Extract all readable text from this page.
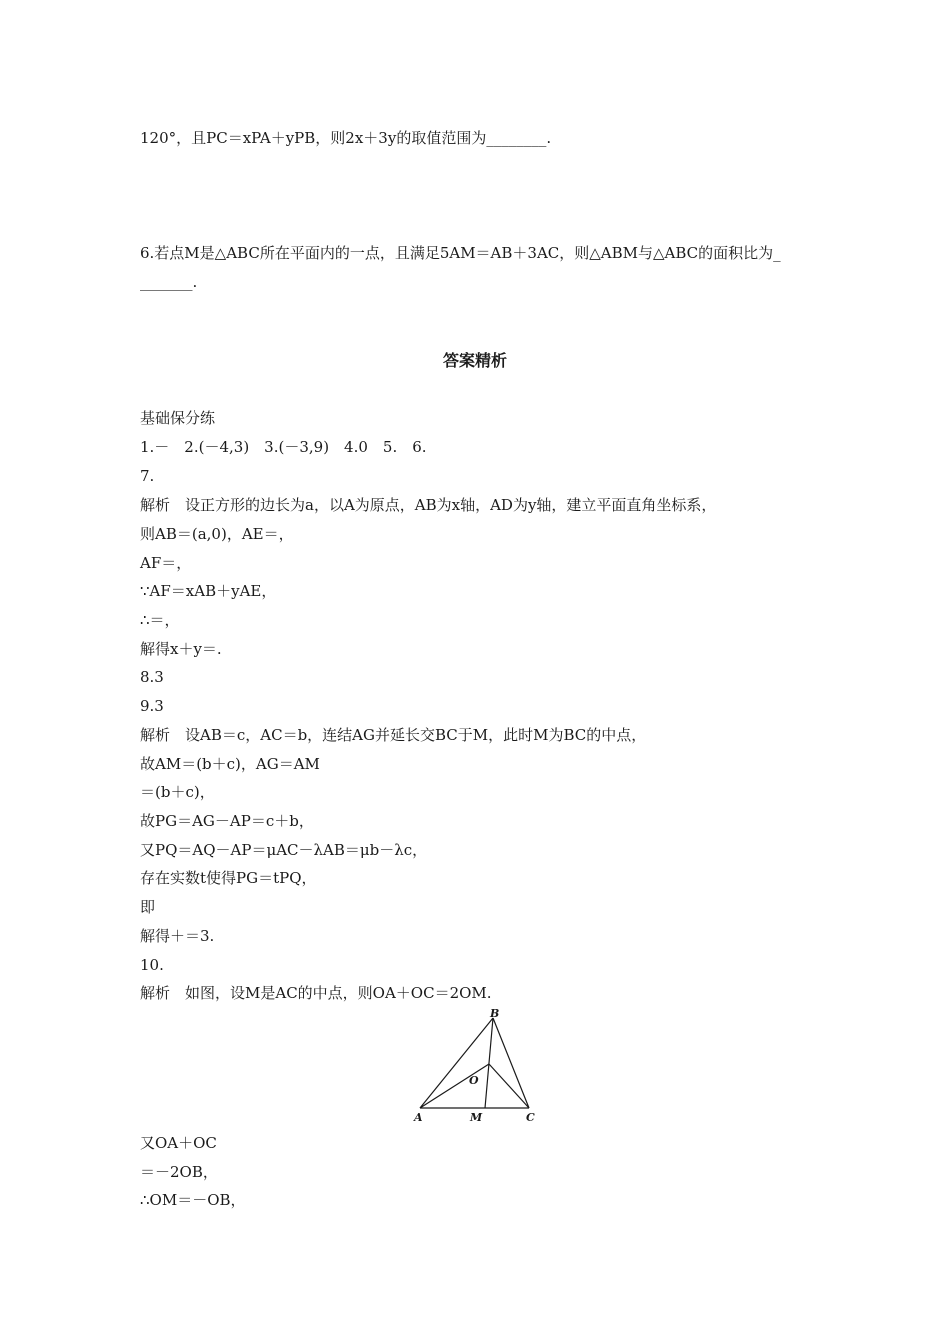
120°，且PC＝xPA＋yPB，则2x＋3y的取值范围为________.
6.若点M是△ABC所在平面内的一点，且满足5AM＝AB＋3AC，则△ABM与△ABC的面积比为_
_______.
答案精析
基础保分练
1.－　2.(－4,3)　3.(－3,9)　4.0　5.　6.
7.
解析　设正方形的边长为a，以A为原点，AB为x轴，AD为y轴，建立平面直角坐标系，
则AB＝(a,0)，AE＝，
AF＝，
∵AF＝xAB＋yAE，
∴＝，
解得x＋y＝.
8.3
9.3
解析　设AB＝c，AC＝b，连结AG并延长交BC于M，此时M为BC的中点，
故AM＝(b＋c)，AG＝AM
＝(b＋c)，
故PG＝AG－AP＝c＋b，
又PQ＝AQ－AP＝μAC－λAB＝μb－λc，
存在实数t使得PG＝tPQ，
即
解得＋＝3.
10.
解析　如图，设M是AC的中点，则OA＋OC＝2OM.
B
A	M	C
O
又OA＋OC
＝－2OB，
∴OM＝－OB，
